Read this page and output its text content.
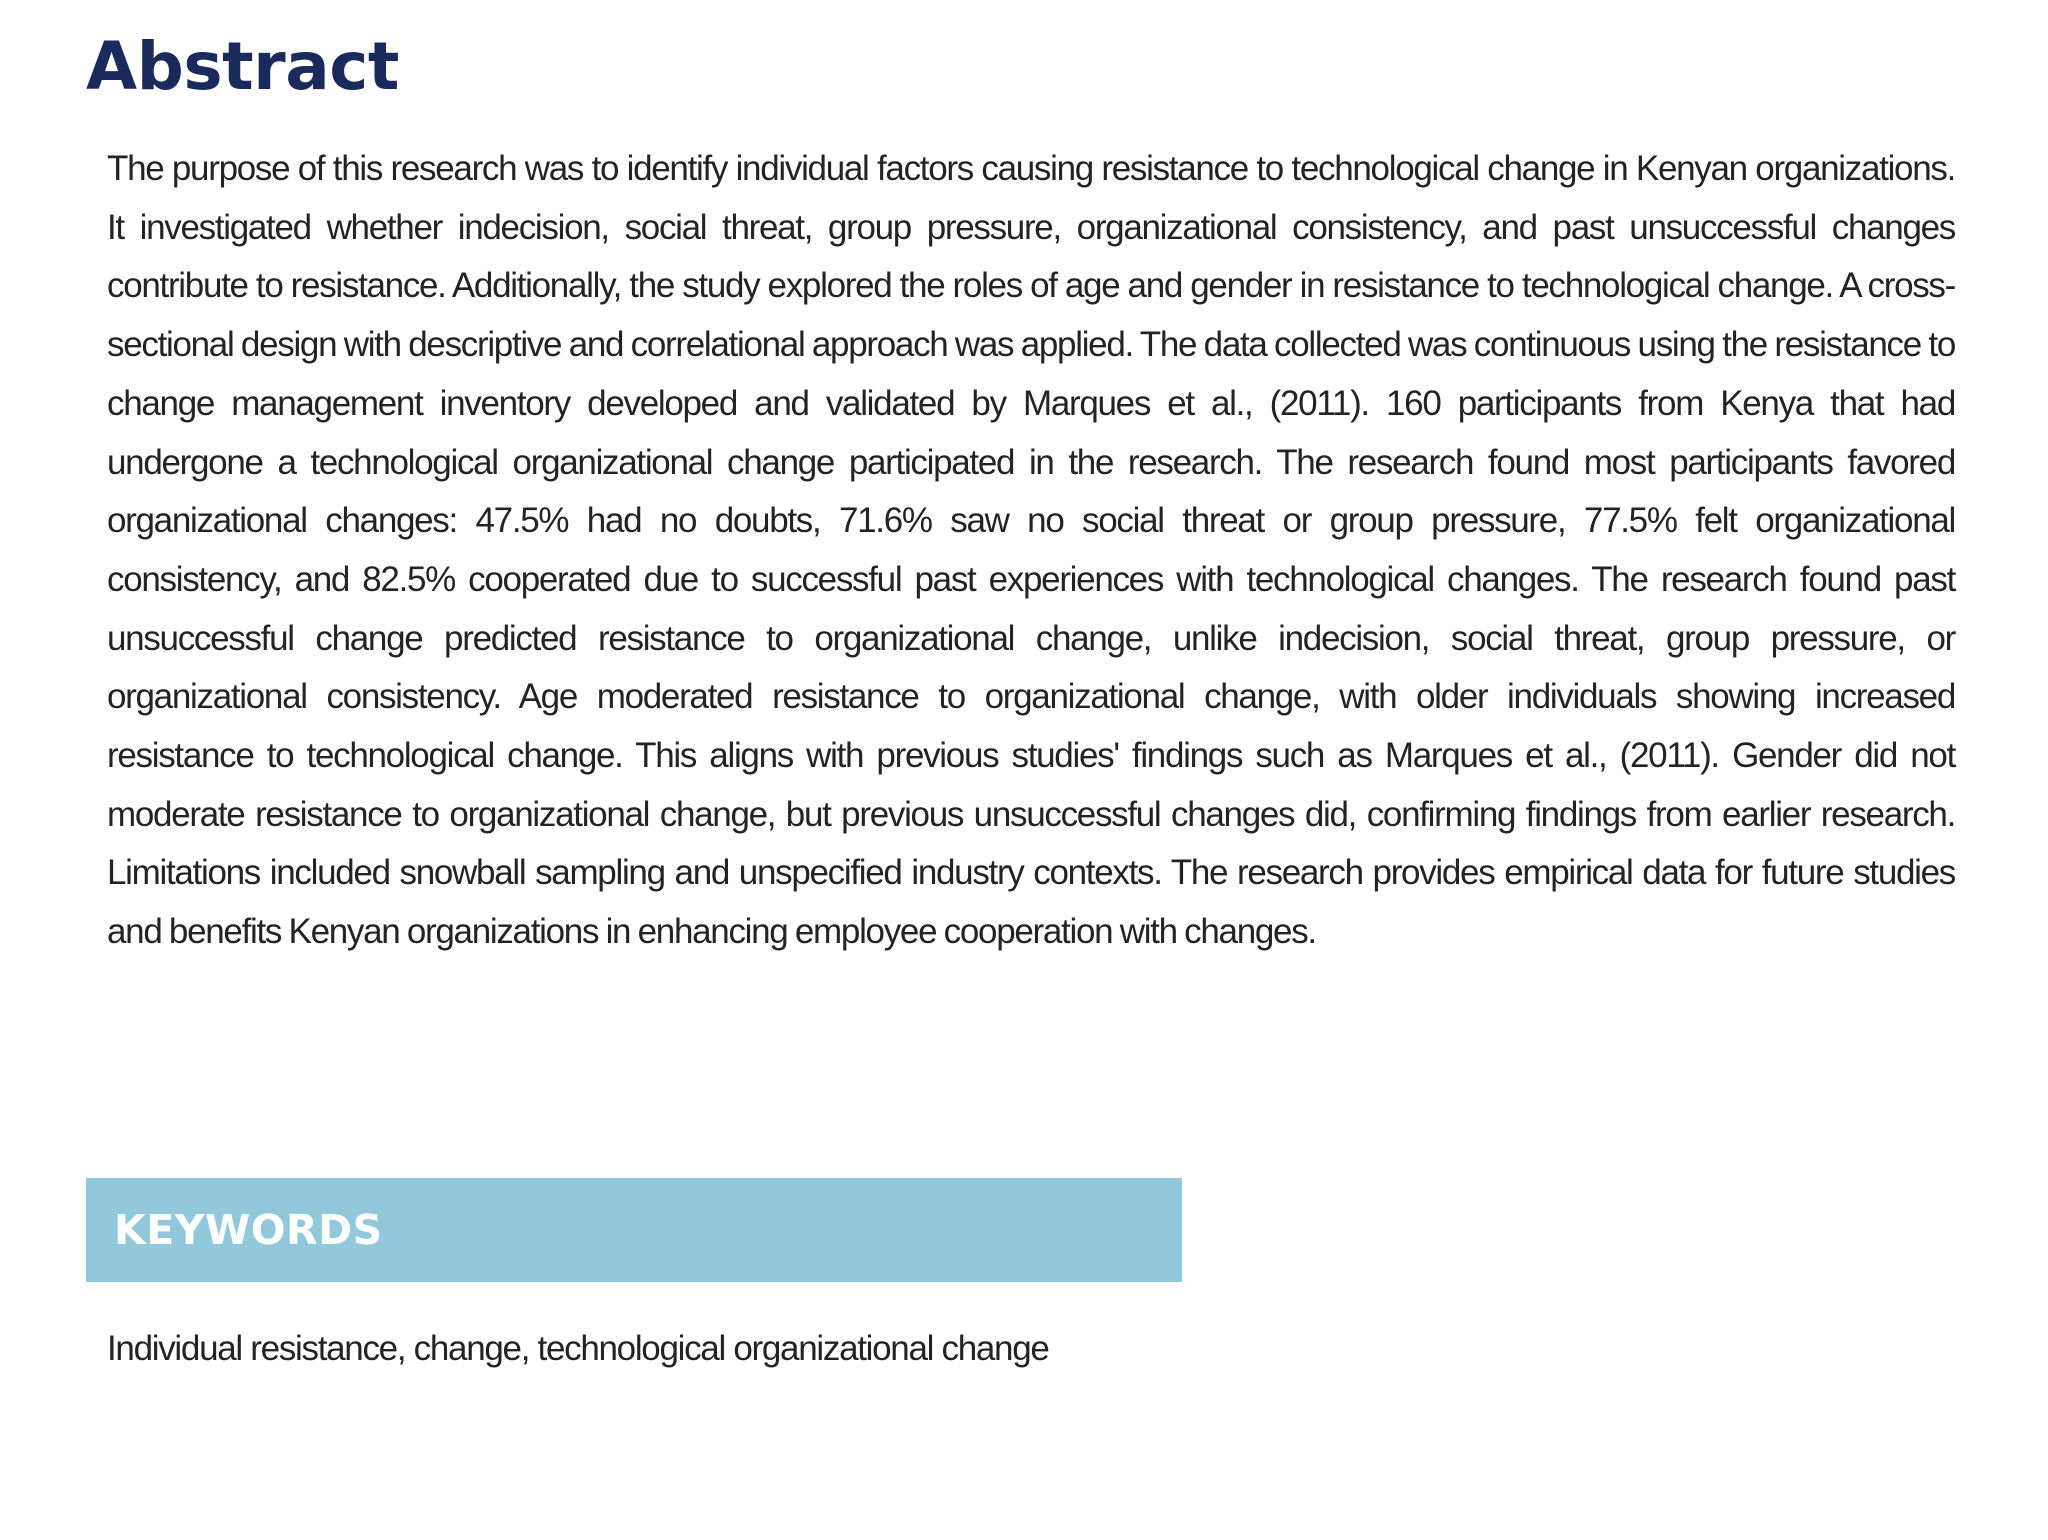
Abstract

The purpose of this research was to identify individual factors causing resistance to technological change in Kenyan organizations. It investigated whether indecision, social threat, group pressure, organizational consistency, and past unsuccessful changes contribute to resistance. Additionally, the study explored the roles of age and gender in resistance to technological change. A cross-sectional design with descriptive and correlational approach was applied. The data collected was continuous using the resistance to change management inventory developed and validated by Marques et al., (2011). 160 participants from Kenya that had undergone a technological organizational change participated in the research. The research found most participants favored organizational changes: 47.5% had no doubts, 71.6% saw no social threat or group pressure, 77.5% felt organizational consistency, and 82.5% cooperated due to successful past experiences with technological changes. The research found past unsuccessful change predicted resistance to organizational change, unlike indecision, social threat, group pressure, or organizational consistency. Age moderated resistance to organizational change, with older individuals showing increased resistance to technological change. This aligns with previous studies' findings such as Marques et al., (2011). Gender did not moderate resistance to organizational change, but previous unsuccessful changes did, confirming findings from earlier research. Limitations included snowball sampling and unspecified industry contexts. The research provides empirical data for future studies and benefits Kenyan organizations in enhancing employee cooperation with changes.

KEYWORDS

Individual resistance, change, technological organizational change
